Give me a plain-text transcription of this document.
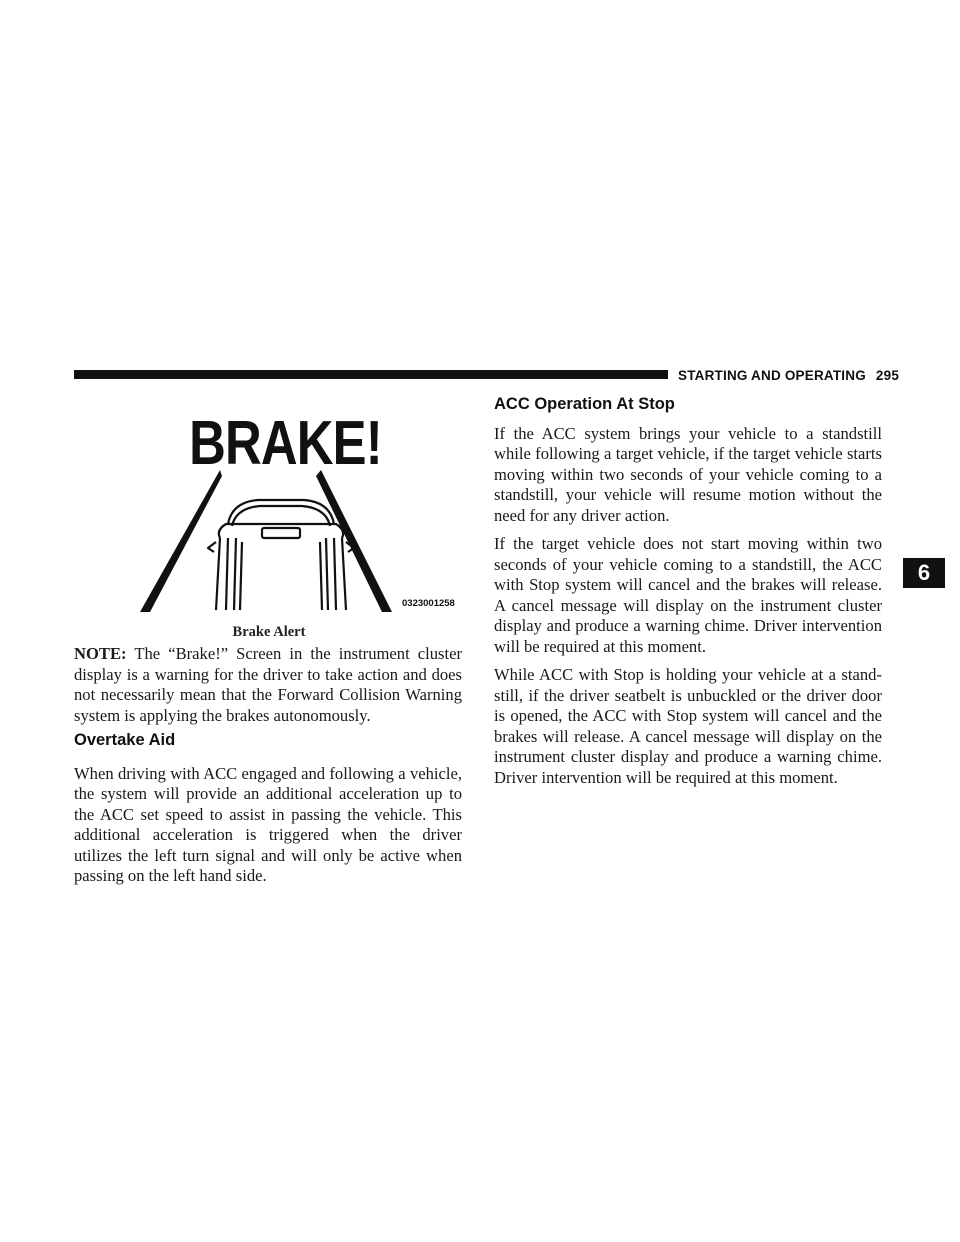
STARTING AND OPERATING 295
6
BRAKE!
0323001258
Brake Alert

NOTE: The “Brake!” Screen in the instrument cluster display is a warning for the driver to take action and does not necessarily mean that the Forward Collision Warning system is applying the brakes autonomously.

Overtake Aid

When driving with ACC engaged and following a vehicle, the system will provide an additional acceleration up to the ACC set speed to assist in passing the vehicle. This additional acceleration is triggered when the driver utilizes the left turn signal and will only be active when passing on the left hand side.

ACC Operation At Stop

If the ACC system brings your vehicle to a standstill while following a target vehicle, if the target vehicle starts moving within two seconds of your vehicle coming to a standstill, your vehicle will resume motion without the need for any driver action.

If the target vehicle does not start moving within two seconds of your vehicle coming to a standstill, the ACC with Stop system will cancel and the brakes will release. A cancel message will display on the instrument cluster display and produce a warning chime. Driver intervention will be required at this moment.

While ACC with Stop is holding your vehicle at a stand-still, if the driver seatbelt is unbuckled or the driver door is opened, the ACC with Stop system will cancel and the brakes will release. A cancel message will display on the instrument cluster display and produce a warning chime. Driver intervention will be required at this moment.
